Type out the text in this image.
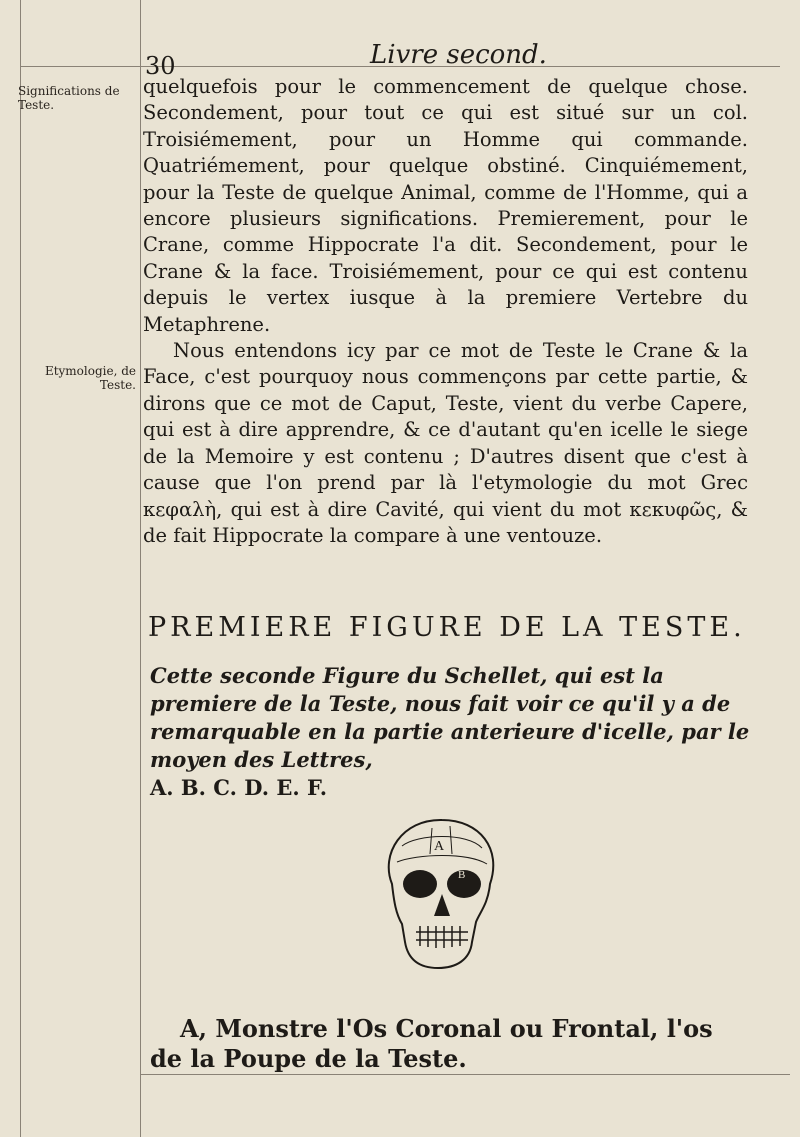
30	Livre second.
Significations de Teste.
Etymologie, de Teste.

quelquefois pour le commencement de quelque chose. Secondement, pour tout ce qui est situé sur un col. Troisiémement, pour un Homme qui commande. Quatriémement, pour quelque obstiné. Cinquiémement, pour la Teste de quelque Animal, comme de l'Homme, qui a encore plusieurs significations. Premierement, pour le Crane, comme Hippocrate l'a dit. Secondement, pour le Crane & la face. Troisiémement, pour ce qui est contenu depuis le vertex iusque à la premiere Vertebre du Metaphrene.

Nous entendons icy par ce mot de Teste le Crane & la Face, c'est pourquoy nous commençons par cette partie, & dirons que ce mot de Caput, Teste, vient du verbe Capere, qui est à dire apprendre, & ce d'autant qu'en icelle le siege de la Memoire y est contenu ; D'autres disent que c'est à cause que l'on prend par là l'etymologie du mot Grec κεφαλὴ, qui est à dire Cavité, qui vient du mot κεκυφῶς, & de fait Hippocrate la compare à une ventouze.

PREMIERE FIGURE DE LA TESTE.

Cette seconde Figure du Schellet, qui est la premiere de la Teste, nous fait voir ce qu'il y a de remarquable en la partie anterieure d'icelle, par le moyen des Lettres,

A. B. C. D. E. F.

A
B

A, Monstre l'Os Coronal ou Frontal, l'os de la Poupe de la Teste.
